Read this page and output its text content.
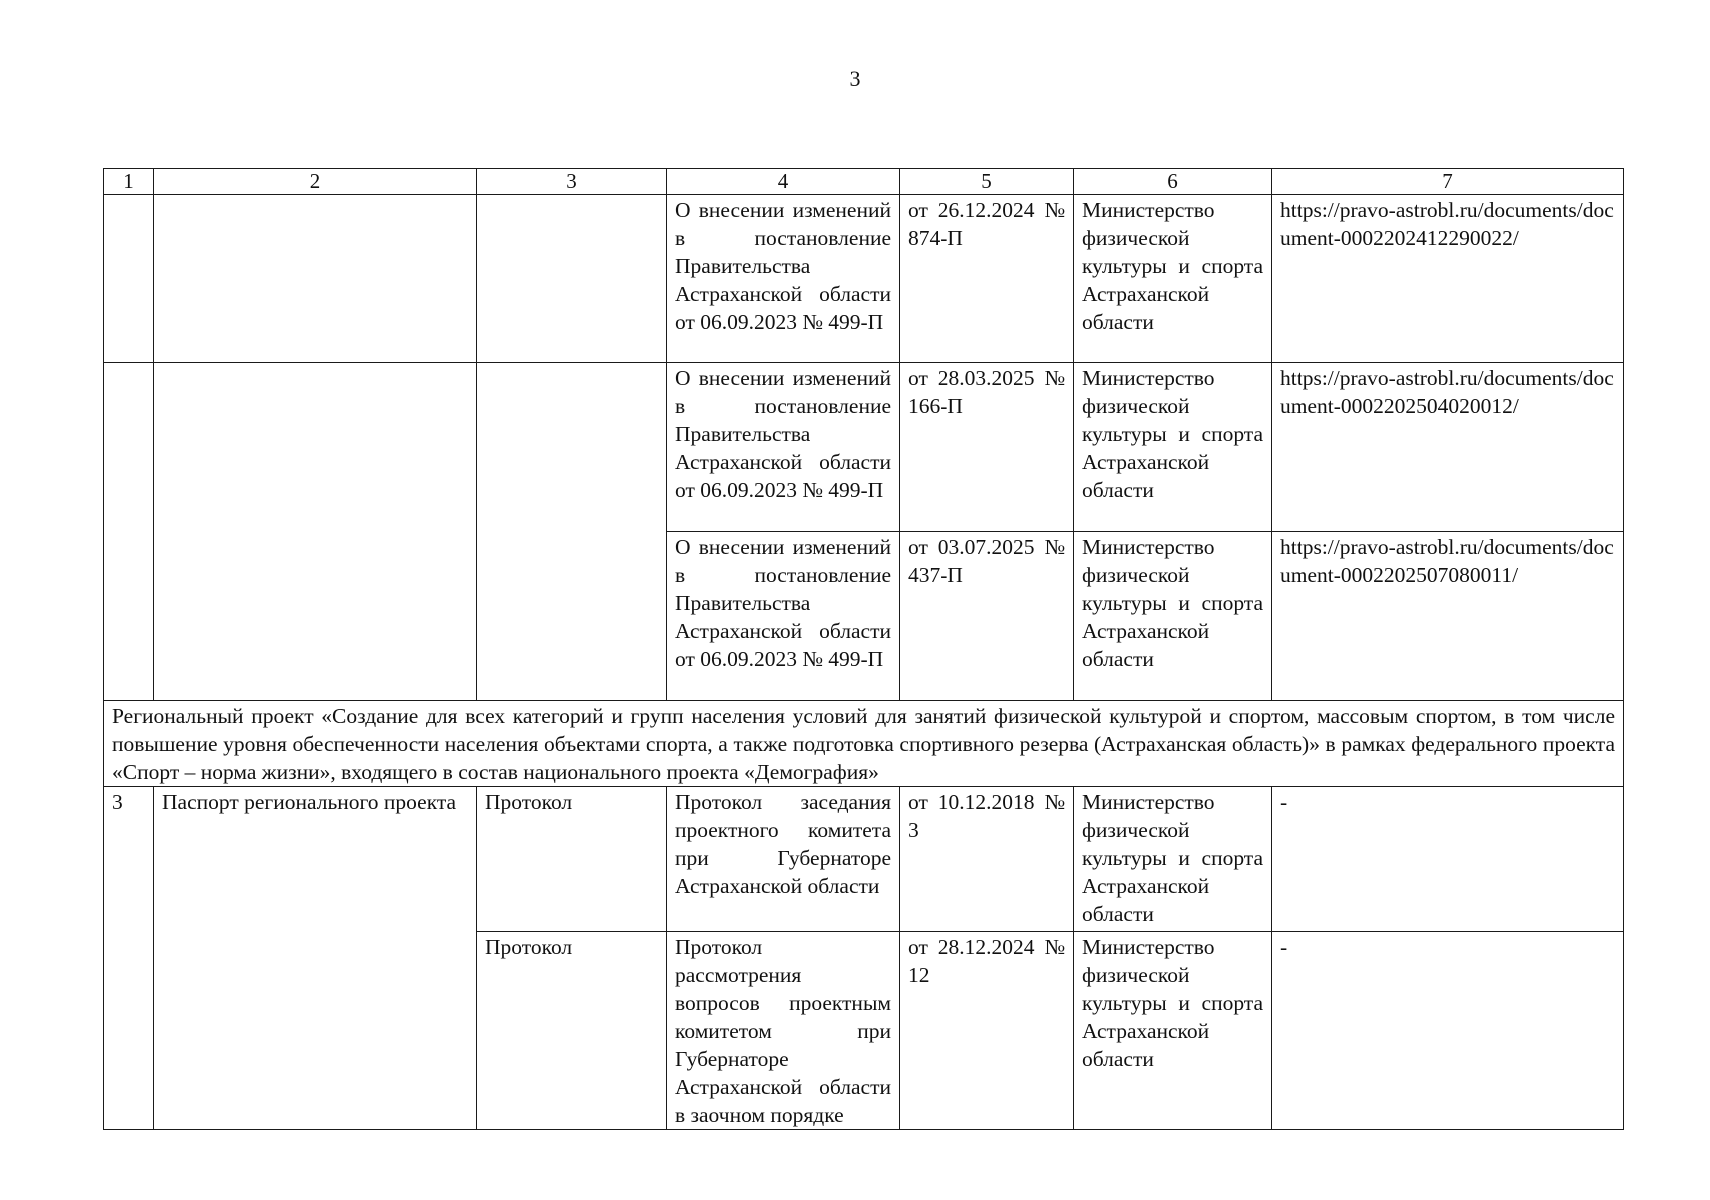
3
1	2	3	4	5	6	7
			О внесении изменений в постановление Правительства Астраханской области от 06.09.2023 № 499-П	от 26.12.2024 № 874-П	Министерство физической культуры и спорта Астраханской области	https://pravo-astrobl.ru/documents/document-0002202412290022/
			О внесении изменений в постановление Правительства Астраханской области от 06.09.2023 № 499-П	от 28.03.2025 № 166-П	Министерство физической культуры и спорта Астраханской области	https://pravo-astrobl.ru/documents/document-0002202504020012/
			О внесении изменений в постановление Правительства Астраханской области от 06.09.2023 № 499-П	от 03.07.2025 № 437-П	Министерство физической культуры и спорта Астраханской области	https://pravo-astrobl.ru/documents/document-0002202507080011/
Региональный проект «Создание для всех категорий и групп населения условий для занятий физической культурой и спортом, массовым спортом, в том числе повышение уровня обеспеченности населения объектами спорта, а также подготовка спортивного резерва (Астраханская область)» в рамках федерального проекта «Спорт – норма жизни», входящего в состав национального проекта «Демография»						
3	Паспорт регионального проекта	Протокол	Протокол заседания проектного комитета при Губернаторе Астраханской области	от 10.12.2018 № 3	Министерство физической культуры и спорта Астраханской области	-
		Протокол	Протокол рассмотрения вопросов проектным комитетом при Губернаторе Астраханской области в заочном порядке	от 28.12.2024 № 12	Министерство физической культуры и спорта Астраханской области	-
